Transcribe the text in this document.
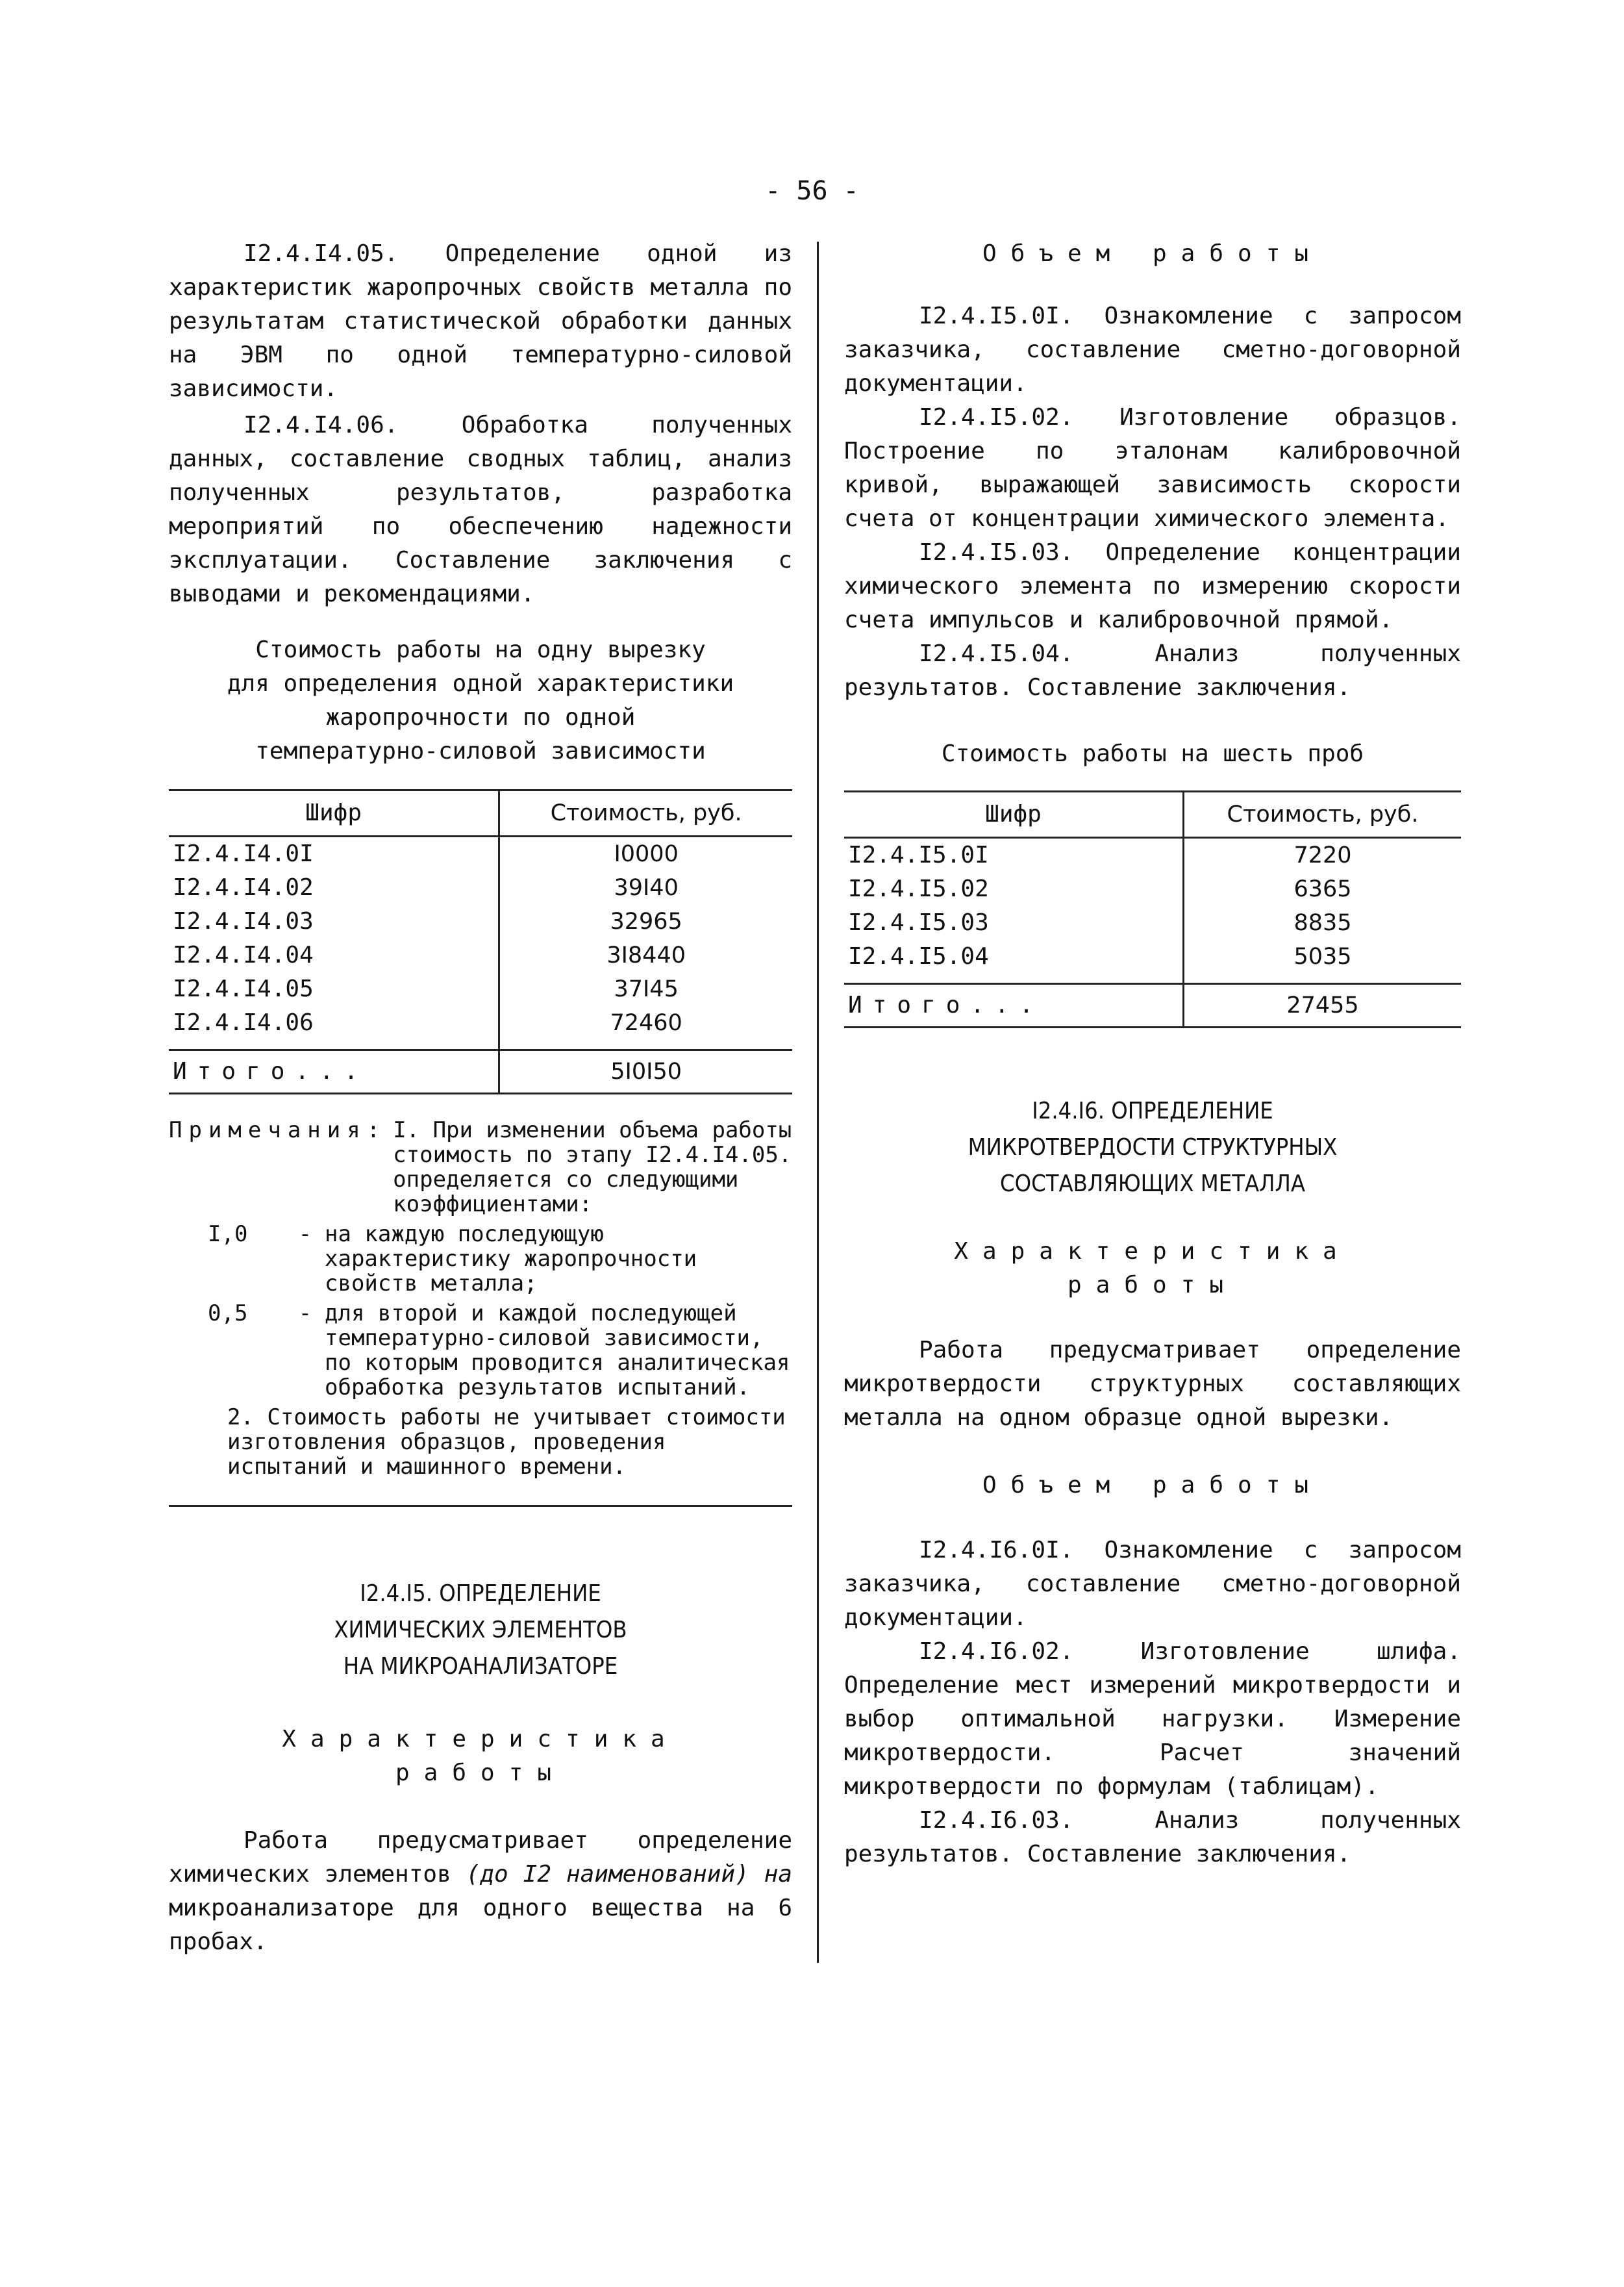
- 56 -

I2.4.I4.05. Определение одной из характеристик жаропрочных свойств металла по результатам статистической обработки данных на ЭВМ по одной температурно-силовой зависимости.

I2.4.I4.06. Обработка полученных данных, составление сводных таблиц, анализ полученных результатов, разработка мероприятий по обеспечению надежности эксплуатации. Составление заключения с выводами и рекомендациями.

Стоимость работы на одну вырезку

для определения одной характеристики

жаропрочности по одной

температурно-силовой зависимости

Шифр	Стоимость, руб.
I2.4.I4.0I	I0000
I2.4.I4.02	39I40
I2.4.I4.03	32965
I2.4.I4.04	3I8440
I2.4.I4.05	37I45
I2.4.I4.06	72460

Итого...	5I0I50
Примечания: I. При изменении объема работы стоимость по этапу I2.4.I4.05. определяется со следующими коэффициентами:
I,0	- на каждую последующую характеристику жаропрочности свойств металла;
0,5	- для второй и каждой последующей температурно-силовой зависимости, по которым проводится аналитическая обработка результатов испытаний.
2. Стоимость работы не учитывает стоимости изготовления образцов, проведения испытаний и машинного времени.
I2.4.I5. ОПРЕДЕЛЕНИЕ
ХИМИЧЕСКИХ ЭЛЕМЕНТОВ
НА МИКРОАНАЛИЗАТОРЕ

Характеристика

работы

Работа предусматривает определение химических элементов (до I2 наименований) на микроанализаторе для одного вещества на 6 пробах.

Объем работы

I2.4.I5.0I. Ознакомление с запросом заказчика, составление сметно-договорной документации.

I2.4.I5.02. Изготовление образцов. Построение по эталонам калибровочной кривой, выражающей зависимость скорости счета от концентрации химического элемента.

I2.4.I5.03. Определение концентрации химического элемента по измерению скорости счета импульсов и калибровочной прямой.

I2.4.I5.04. Анализ полученных результатов. Составление заключения.

Стоимость работы на шесть проб

Шифр	Стоимость, руб.
I2.4.I5.0I	7220
I2.4.I5.02	6365
I2.4.I5.03	8835
I2.4.I5.04	5035

Итого...	27455
I2.4.I6. ОПРЕДЕЛЕНИЕ
МИКРОТВЕРДОСТИ СТРУКТУРНЫХ
СОСТАВЛЯЮЩИХ МЕТАЛЛА

Характеристика

работы

Работа предусматривает определение микротвердости структурных составляющих металла на одном образце одной вырезки.

Объем работы

I2.4.I6.0I. Ознакомление с запросом заказчика, составление сметно-договорной документации.

I2.4.I6.02. Изготовление шлифа. Определение мест измерений микротвердости и выбор оптимальной нагрузки. Измерение микротвердости. Расчет значений микротвердости по формулам (таблицам).

I2.4.I6.03. Анализ полученных результатов. Составление заключения.
